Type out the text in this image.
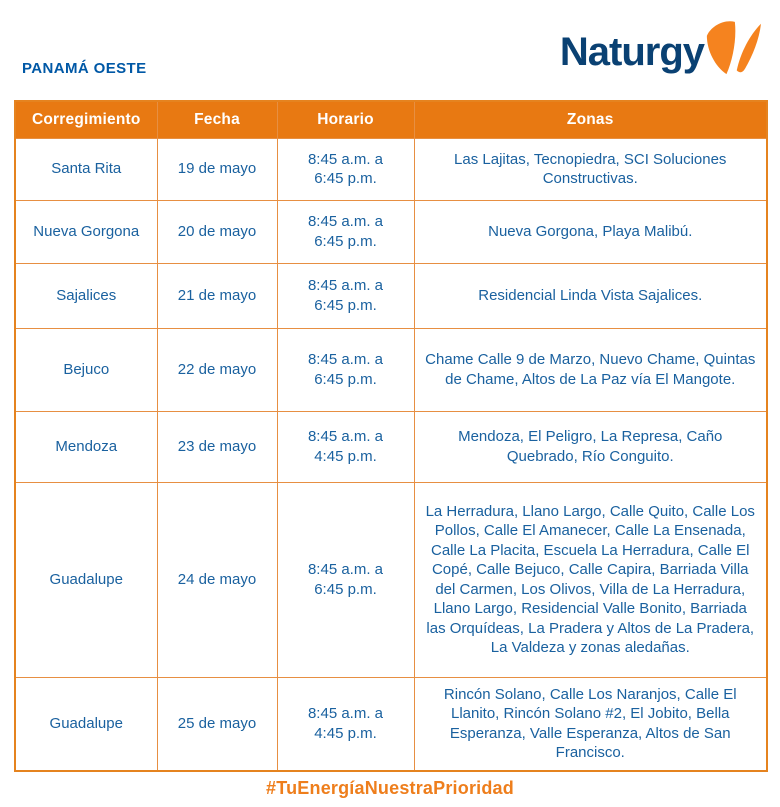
PANAMÁ OESTE	Naturgy
Corregimiento	Fecha	Horario	Zonas
Santa Rita	19 de mayo	8:45 a.m. a 6:45 p.m.	Las Lajitas, Tecnopiedra, SCI Soluciones Constructivas.
Nueva Gorgona	20 de mayo	8:45 a.m. a 6:45 p.m.	Nueva Gorgona, Playa Malibú.
Sajalices	21 de mayo	8:45 a.m. a 6:45 p.m.	Residencial Linda Vista Sajalices.
Bejuco	22 de mayo	8:45 a.m. a 6:45 p.m.	Chame Calle 9 de Marzo, Nuevo Chame, Quintas de Chame, Altos de La Paz vía El Mangote.
Mendoza	23 de mayo	8:45 a.m. a 4:45 p.m.	Mendoza, El Peligro, La Represa, Caño Quebrado, Río Conguito.
Guadalupe	24 de mayo	8:45 a.m. a 6:45 p.m.	La Herradura, Llano Largo, Calle Quito, Calle Los Pollos, Calle El Amanecer, Calle La Ensenada, Calle La Placita, Escuela La Herradura, Calle El Copé, Calle Bejuco, Calle Capira, Barriada Villa del Carmen, Los Olivos, Villa de La Herradura, Llano Largo, Residencial Valle Bonito, Barriada las Orquídeas, La Pradera y Altos de La Pradera, La Valdeza y zonas aledañas.
Guadalupe	25 de mayo	8:45 a.m. a 4:45 p.m.	Rincón Solano, Calle Los Naranjos, Calle El Llanito, Rincón Solano #2, El Jobito, Bella Esperanza, Valle Esperanza, Altos de San Francisco.
#TuEnergíaNuestraPrioridad
